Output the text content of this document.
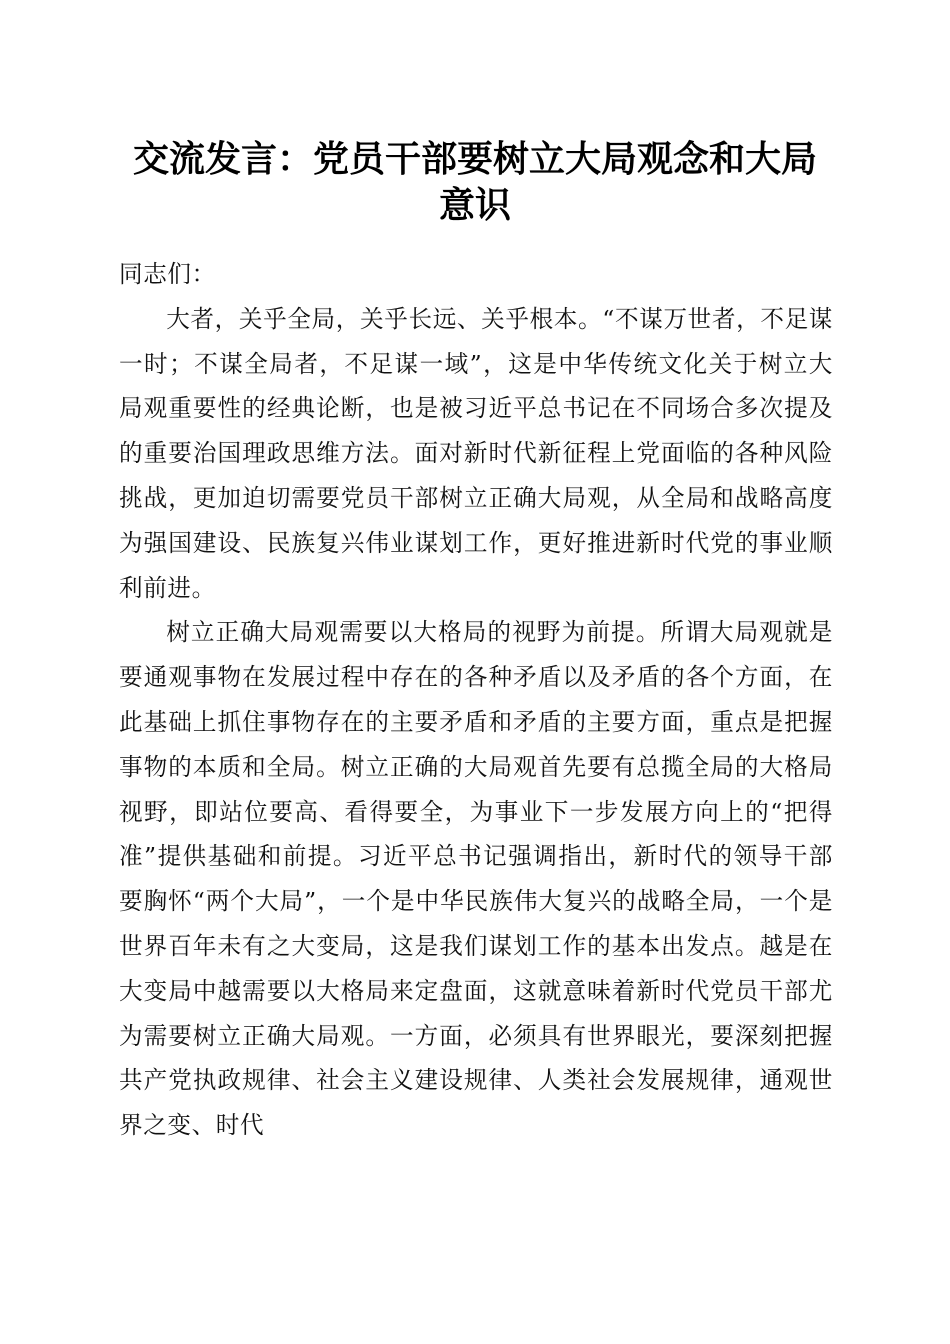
交流发言：党员干部要树立大局观念和大局意识

同志们：

大者，关乎全局，关乎长远、关乎根本。“不谋万世者，不足谋一时；不谋全局者，不足谋一域”，这是中华传统文化关于树立大局观重要性的经典论断，也是被习近平总书记在不同场合多次提及的重要治国理政思维方法。面对新时代新征程上党面临的各种风险挑战，更加迫切需要党员干部树立正确大局观，从全局和战略高度为强国建设、民族复兴伟业谋划工作，更好推进新时代党的事业顺利前进。

树立正确大局观需要以大格局的视野为前提。所谓大局观就是要通观事物在发展过程中存在的各种矛盾以及矛盾的各个方面，在此基础上抓住事物存在的主要矛盾和矛盾的主要方面，重点是把握事物的本质和全局。树立正确的大局观首先要有总揽全局的大格局视野，即站位要高、看得要全，为事业下一步发展方向上的“把得准”提供基础和前提。习近平总书记强调指出，新时代的领导干部要胸怀“两个大局”，一个是中华民族伟大复兴的战略全局，一个是世界百年未有之大变局，这是我们谋划工作的基本出发点。越是在大变局中越需要以大格局来定盘面，这就意味着新时代党员干部尤为需要树立正确大局观。一方面，必须具有世界眼光，要深刻把握共产党执政规律、社会主义建设规律、人类社会发展规律，通观世界之变、时代
